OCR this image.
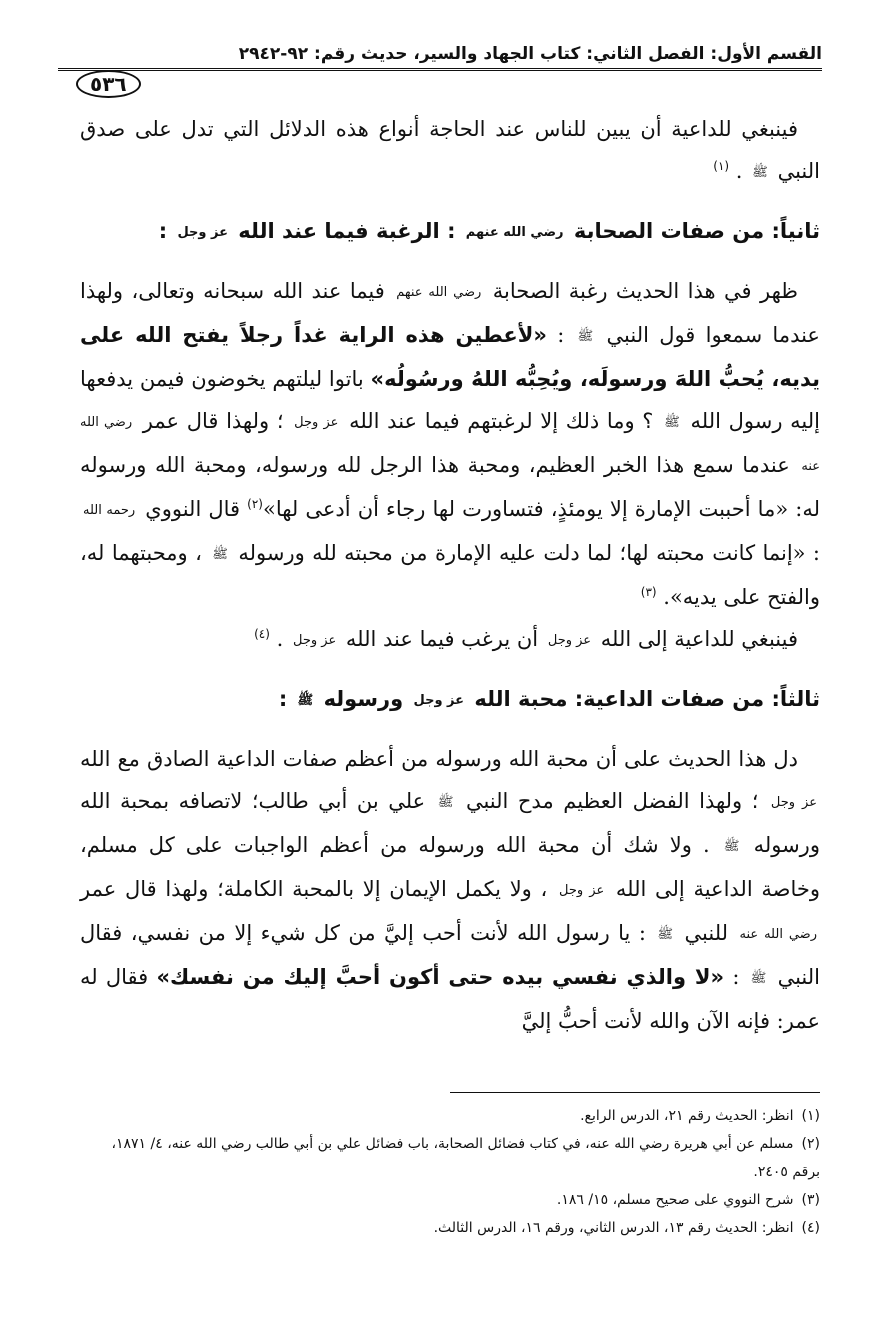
القسم الأول: الفصل الثاني: كتاب الجهاد والسير، حديث رقم: ٩٢-٢٩٤٢
٥٣٦

فينبغي للداعية أن يبين للناس عند الحاجة أنواع هذه الدلائل التي تدل على صدق النبي ﷺ . $^{(١)}$

ثانياً: من صفات الصحابة رضي الله عنهم : الرغبة فيما عند الله عز وجل :

ظهر في هذا الحديث رغبة الصحابة رضي الله عنهم فيما عند الله سبحانه وتعالى، ولهذا عندما سمعوا قول النبي ﷺ : «لأعطين هذه الراية غداً رجلاً يفتح الله على يديه، يُحبُّ اللهَ ورسولَه، ويُحِبُّه اللهُ ورسُولُه» باتوا ليلتهم يخوضون فيمن يدفعها إليه رسول الله ﷺ ؟ وما ذلك إلا لرغبتهم فيما عند الله عز وجل ؛ ولهذا قال عمر رضي الله عنه عندما سمع هذا الخبر العظيم، ومحبة هذا الرجل لله ورسوله، ومحبة الله ورسوله له: «ما أحببت الإمارة إلا يومئذٍ، فتساورت لها رجاء أن أدعى لها»$^{(٢)}$ قال النووي رحمه الله : «إنما كانت محبته لها؛ لما دلت عليه الإمارة من محبته لله ورسوله ﷺ ، ومحبتهما له، والفتح على يديه». $^{(٣)}$

فينبغي للداعية إلى الله عز وجل أن يرغب فيما عند الله عز وجل . $^{(٤)}$

ثالثاً: من صفات الداعية: محبة الله عز وجل ورسوله ﷺ :

دل هذا الحديث على أن محبة الله ورسوله من أعظم صفات الداعية الصادق مع الله عز وجل ؛ ولهذا الفضل العظيم مدح النبي ﷺ علي بن أبي طالب؛ لاتصافه بمحبة الله ورسوله ﷺ . ولا شك أن محبة الله ورسوله من أعظم الواجبات على كل مسلم، وخاصة الداعية إلى الله عز وجل ، ولا يكمل الإيمان إلا بالمحبة الكاملة؛ ولهذا قال عمر رضي الله عنه للنبي ﷺ : يا رسول الله لأنت أحب إليَّ من كل شيء إلا من نفسي، فقال النبي ﷺ : «لا والذي نفسي بيده حتى أكون أحبَّ إليك من نفسك» فقال له عمر: فإنه الآن والله لأنت أحبُّ إليَّ

(١)انظر: الحديث رقم ٢١، الدرس الرابع.

(٢)مسلم عن أبي هريرة رضي الله عنه، في كتاب فضائل الصحابة، باب فضائل علي بن أبي طالب رضي الله عنه، ٤/ ١٨٧١، برقم ٢٤٠٥.

(٣)شرح النووي على صحيح مسلم، ١٥/ ١٨٦.

(٤)انظر: الحديث رقم ١٣، الدرس الثاني، ورقم ١٦، الدرس الثالث.
